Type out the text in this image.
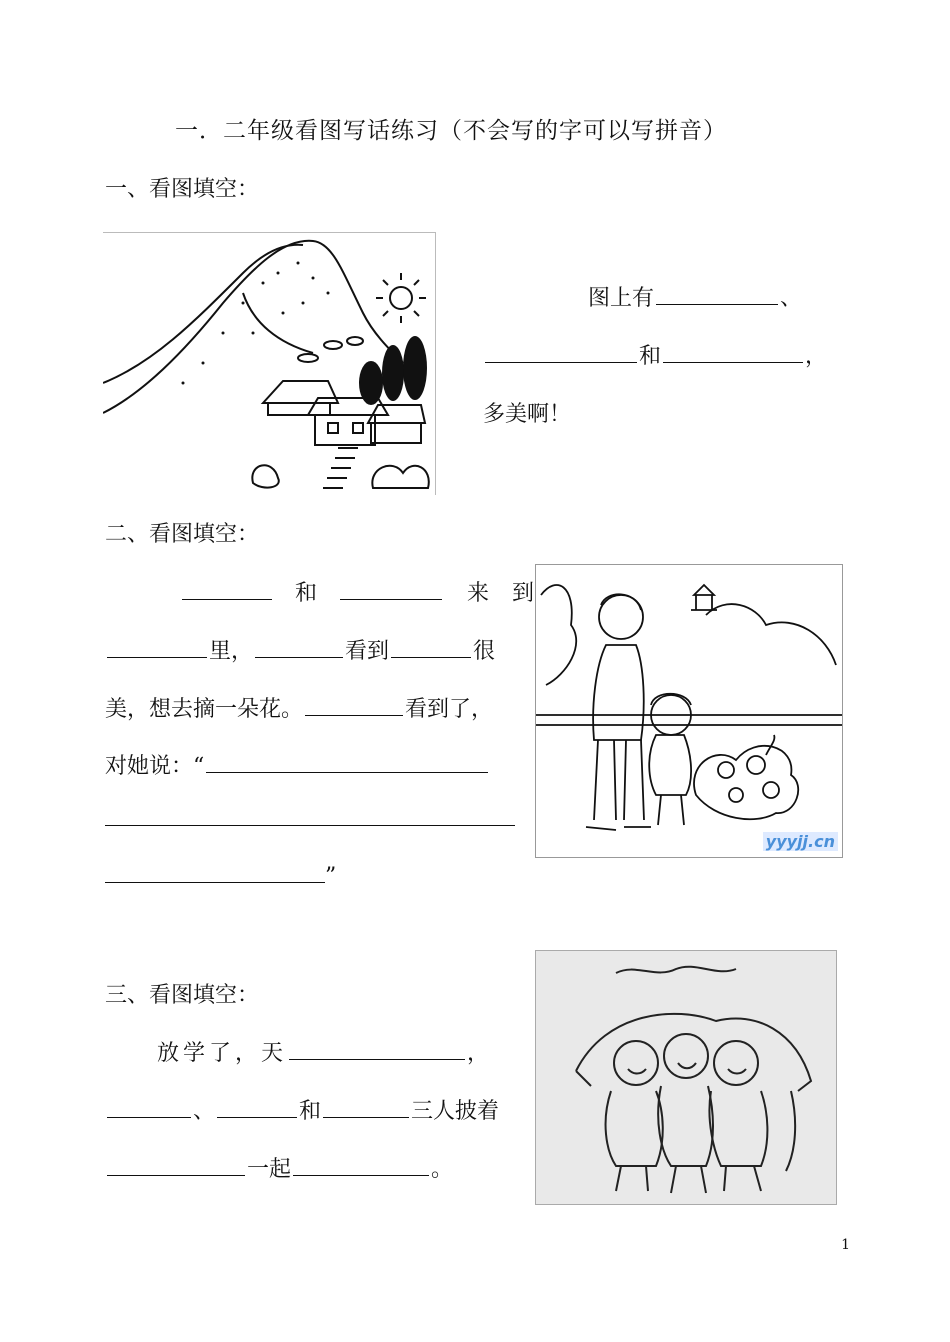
一．二年级看图写话练习（不会写的字可以写拼音）
一、看图填空：
图上有	、
和	，
多美啊！
二、看图填空：
和	来 到
里，	看到	很
美，想去摘一朵花。	看到了，
对她说：“
”
yyyjj.cn
三、看图填空：
放学了，天	，
、	和	三人披着
一起	。
1
